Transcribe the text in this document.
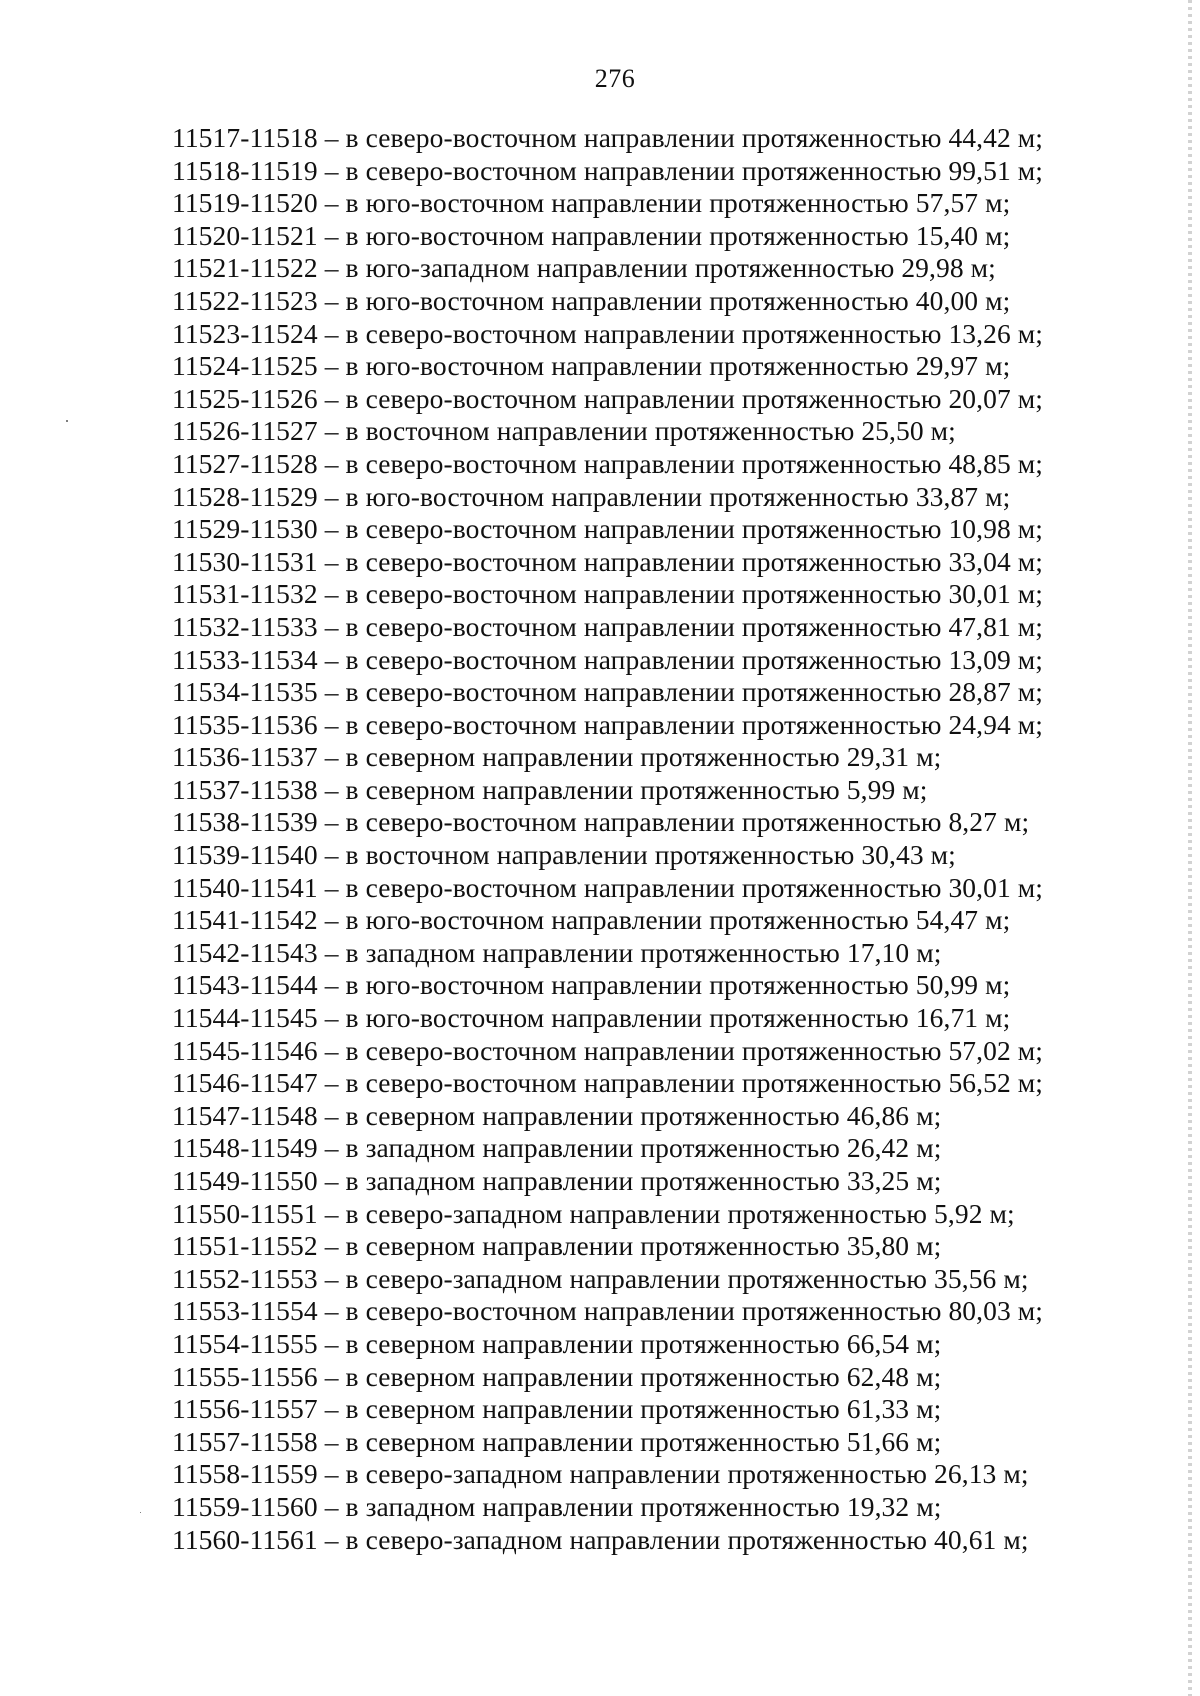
276
11517-11518 – в северо-восточном направлении протяженностью 44,42 м;
11518-11519 – в северо-восточном направлении протяженностью 99,51 м;
11519-11520 – в юго-восточном направлении протяженностью 57,57 м;
11520-11521 – в юго-восточном направлении протяженностью 15,40 м;
11521-11522 – в юго-западном направлении протяженностью 29,98 м;
11522-11523 – в юго-восточном направлении протяженностью 40,00 м;
11523-11524 – в северо-восточном направлении протяженностью 13,26 м;
11524-11525 – в юго-восточном направлении протяженностью 29,97 м;
11525-11526 – в северо-восточном направлении протяженностью 20,07 м;
11526-11527 – в восточном направлении протяженностью 25,50 м;
11527-11528 – в северо-восточном направлении протяженностью 48,85 м;
11528-11529 – в юго-восточном направлении протяженностью 33,87 м;
11529-11530 – в северо-восточном направлении протяженностью 10,98 м;
11530-11531 – в северо-восточном направлении протяженностью 33,04 м;
11531-11532 – в северо-восточном направлении протяженностью 30,01 м;
11532-11533 – в северо-восточном направлении протяженностью 47,81 м;
11533-11534 – в северо-восточном направлении протяженностью 13,09 м;
11534-11535 – в северо-восточном направлении протяженностью 28,87 м;
11535-11536 – в северо-восточном направлении протяженностью 24,94 м;
11536-11537 – в северном направлении протяженностью 29,31 м;
11537-11538 – в северном направлении протяженностью 5,99 м;
11538-11539 – в северо-восточном направлении протяженностью 8,27 м;
11539-11540 – в восточном направлении протяженностью 30,43 м;
11540-11541 – в северо-восточном направлении протяженностью 30,01 м;
11541-11542 – в юго-восточном направлении протяженностью 54,47 м;
11542-11543 – в западном направлении протяженностью 17,10 м;
11543-11544 – в юго-восточном направлении протяженностью 50,99 м;
11544-11545 – в юго-восточном направлении протяженностью 16,71 м;
11545-11546 – в северо-восточном направлении протяженностью 57,02 м;
11546-11547 – в северо-восточном направлении протяженностью 56,52 м;
11547-11548 – в северном направлении протяженностью 46,86 м;
11548-11549 – в западном направлении протяженностью 26,42 м;
11549-11550 – в западном направлении протяженностью 33,25 м;
11550-11551 – в северо-западном направлении протяженностью 5,92 м;
11551-11552 – в северном направлении протяженностью 35,80 м;
11552-11553 – в северо-западном направлении протяженностью 35,56 м;
11553-11554 – в северо-восточном направлении протяженностью 80,03 м;
11554-11555 – в северном направлении протяженностью 66,54 м;
11555-11556 – в северном направлении протяженностью 62,48 м;
11556-11557 – в северном направлении протяженностью 61,33 м;
11557-11558 – в северном направлении протяженностью 51,66 м;
11558-11559 – в северо-западном направлении протяженностью 26,13 м;
11559-11560 – в западном направлении протяженностью 19,32 м;
11560-11561 – в северо-западном направлении протяженностью 40,61 м;
